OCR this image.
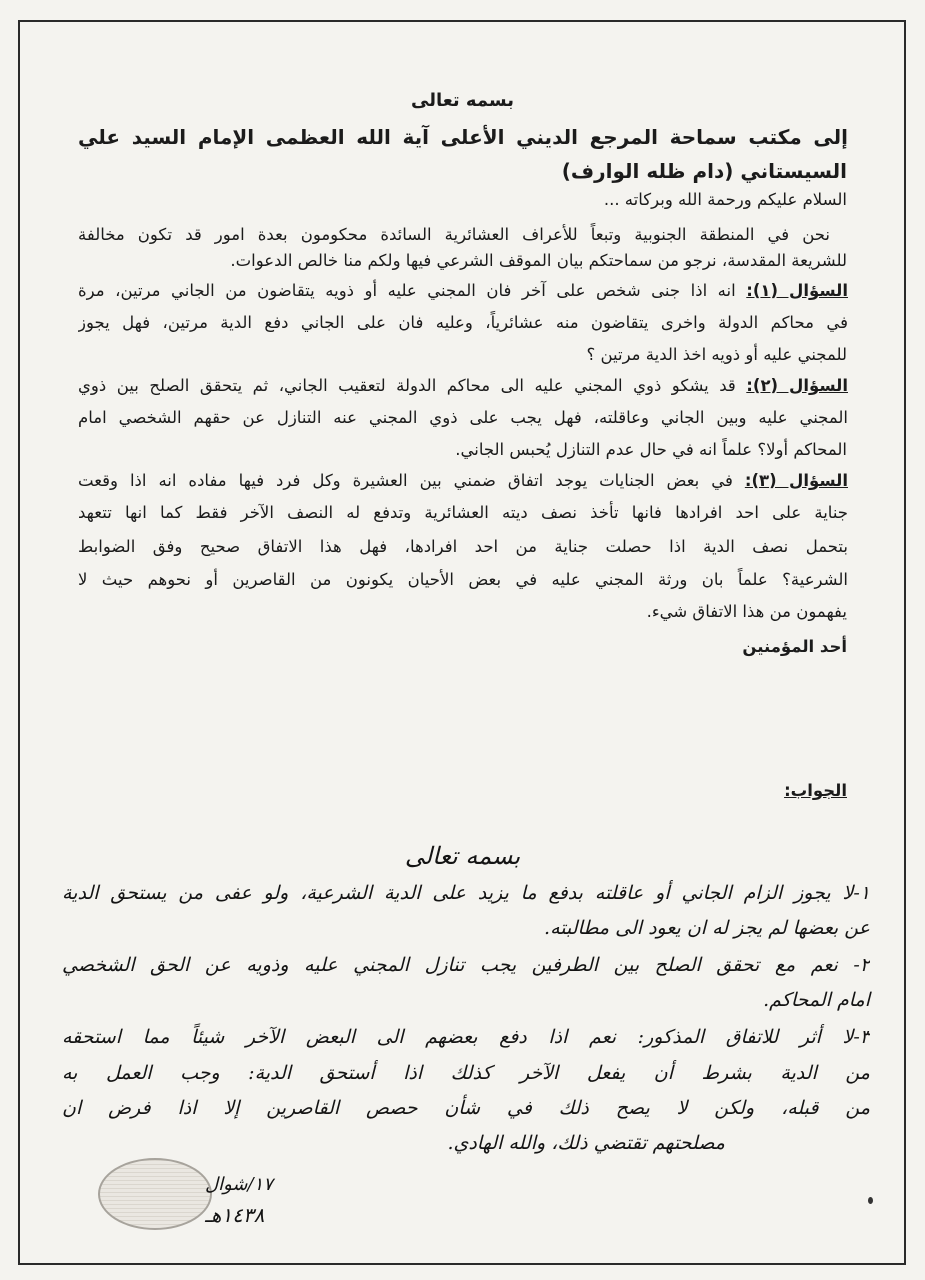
بسمه تعالى
إلى مكتب سماحة المرجع الديني الأعلى آية الله العظمى الإمام السيد علي
السيستاني (دام ظله الوارف)
السلام عليكم ورحمة الله وبركاته ...
نحن في المنطقة الجنوبية وتبعاً للأعراف العشائرية السائدة محكومون بعدة امور قد تكون مخالفة
للشريعة المقدسة، نرجو من سماحتكم بيان الموقف الشرعي فيها ولكم منا خالص الدعوات.
السؤال (١): انه اذا جنى شخص على آخر فان المجني عليه أو ذويه يتقاضون من الجاني مرتين، مرة
في محاكم الدولة واخرى يتقاضون منه عشائرياً، وعليه فان على الجاني دفع الدية مرتين، فهل يجوز
للمجني عليه أو ذويه اخذ الدية مرتين ؟
السؤال (٢): قد يشكو ذوي المجني عليه الى محاكم الدولة لتعقيب الجاني، ثم يتحقق الصلح بين ذوي
المجني عليه وبين الجاني وعاقلته، فهل يجب على ذوي المجني عنه التنازل عن حقهم الشخصي امام
المحاكم أولا؟ علماً انه في حال عدم التنازل يُحبس الجاني.
السؤال (٣): في بعض الجنايات يوجد اتفاق ضمني بين العشيرة وكل فرد فيها مفاده انه اذا وقعت
جناية على احد افرادها فانها تأخذ نصف ديته العشائرية وتدفع له النصف الآخر فقط كما انها تتعهد
بتحمل نصف الدية اذا حصلت جناية من احد افرادها، فهل هذا الاتفاق صحيح وفق الضوابط
الشرعية؟ علماً بان ورثة المجني عليه في بعض الأحيان يكونون من القاصرين أو نحوهم حيث لا
يفهمون من هذا الاتفاق شيء.
أحد المؤمنين
الجواب:
بسمه تعالى
١-لا يجوز الزام الجاني أو عاقلته بدفع ما يزيد على الدية الشرعية، ولو عفى من يستحق الدية
عن بعضها لم يجز له ان يعود الى مطالبته.
٢- نعم مع تحقق الصلح بين الطرفين يجب تنازل المجني عليه وذويه عن الحق الشخصي
امام المحاكم.
٣-لا أثر للاتفاق المذكور: نعم اذا دفع بعضهم الى البعض الآخر شيئاً مما استحقه
من الدية بشرط أن يفعل الآخر كذلك اذا أستحق الدية: وجب العمل به
من قبله، ولكن لا يصح ذلك في شأن حصص القاصرين إلا اذا فرض ان
مصلحتهم تقتضي ذلك، والله الهادي.
١٧/شوال
١٤٣٨هـ
